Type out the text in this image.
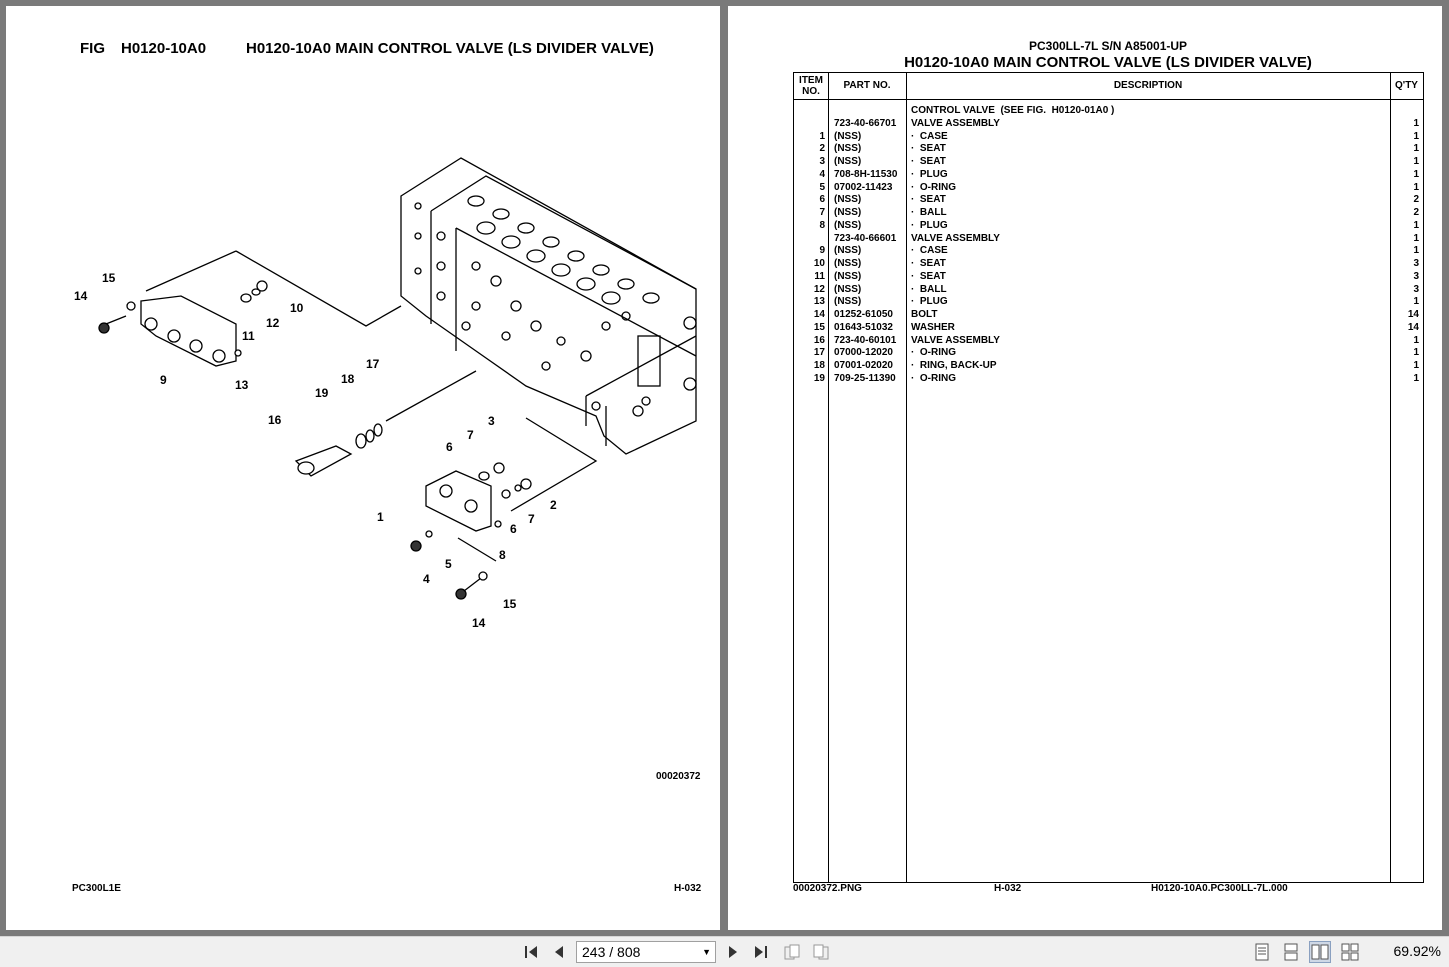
FIG H0120-10A0	H0120-10A0 MAIN CONTROL VALVE (LS DIVIDER VALVE)
15
14
10
12
11
9	13
17
18
19
16	3
7
6
2
1
6
7
8
5
4
15
14
00020372
PC300L1E	H-032
PC300LL-7L S/N A85001-UP
H0120-10A0 MAIN CONTROL VALVE (LS DIVIDER VALVE)
ITEM NO.
PART NO.	DESCRIPTION	Q'TY
CONTROL VALVE  (SEE FIG.  H0120-01A0 )
723-40-66701	VALVE ASSEMBLY	1
1 (NSS)	·  CASE	1
2 (NSS)	·  SEAT	1
3 (NSS)	·  SEAT	1
4 708-8H-11530	·  PLUG	1
5 07002-11423	·  O-RING	1
6 (NSS)	·  SEAT	2
7 (NSS)	·  BALL	2
8 (NSS)	·  PLUG	1
723-40-66601	VALVE ASSEMBLY	1
9 (NSS)	·  CASE	1
10 (NSS)	·  SEAT	3
11 (NSS)	·  SEAT	3
12 (NSS)	·  BALL	3
13 (NSS)	·  PLUG	1
14 01252-61050	BOLT	14
15 01643-51032	WASHER	14
16 723-40-60101	VALVE ASSEMBLY	1
17 07000-12020	·  O-RING	1
18 07001-02020	·  RING, BACK-UP	1
19 709-25-11390	·  O-RING	1
00020372.PNG	H-032	H0120-10A0.PC300LL-7L.000
243 / 808	▼	69.92%
